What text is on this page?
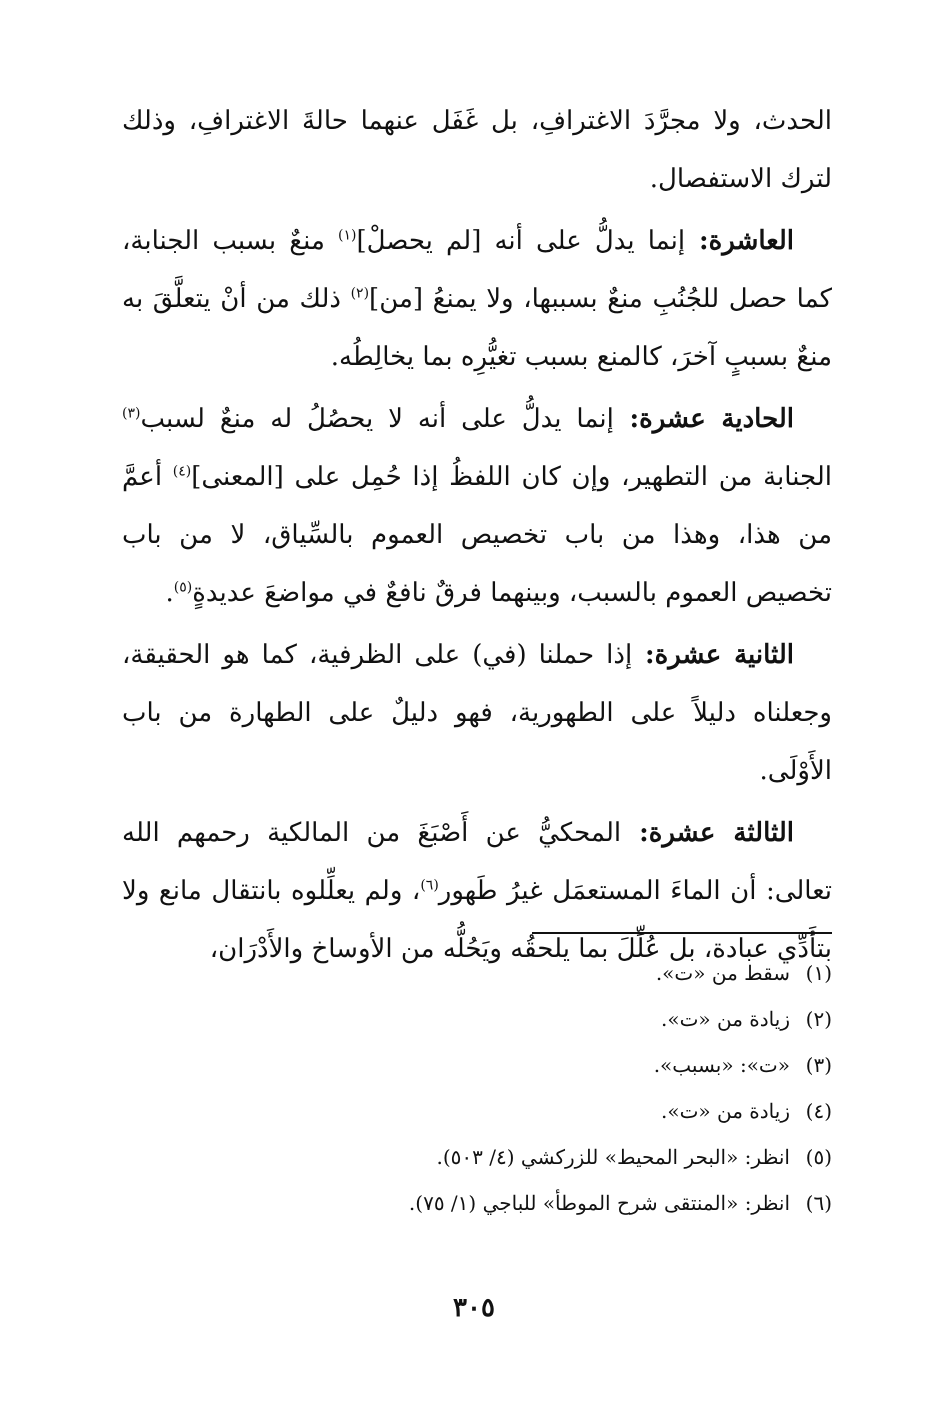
الحدث، ولا مجرَّدَ الاغترافِ، بل غَفَل عنهما حالةَ الاغترافِ، وذلك لترك الاستفصال.

العاشرة: إنما يدلُّ على أنه [لم يحصلْ]$^{(١)}$ منعٌ بسبب الجنابة، كما حصل للجُنُبِ منعٌ بسببها، ولا يمنعُ [من]$^{(٢)}$ ذلك من أنْ يتعلَّقَ به منعٌ بسببٍ آخرَ، كالمنع بسبب تغيُّرِه بما يخالِطُه.

الحادية عشرة: إنما يدلُّ على أنه لا يحصُلُ له منعٌ لسبب$^{(٣)}$ الجنابة من التطهير، وإن كان اللفظُ إذا حُمِل على [المعنى]$^{(٤)}$ أعمَّ من هذا، وهذا من باب تخصيص العموم بالسِّياق، لا من باب تخصيص العموم بالسبب، وبينهما فرقٌ نافعٌ في مواضعَ عديدةٍ$^{(٥)}$.

الثانية عشرة: إذا حملنا (في) على الظرفية، كما هو الحقيقة، وجعلناه دليلاً على الطهورية، فهو دليلٌ على الطهارة من باب الأَوْلَى.

الثالثة عشرة: المحكيُّ عن أَصْبَغَ من المالكية رحمهم الله تعالى: أن الماءَ المستعمَل غيرُ طَهور$^{(٦)}$، ولم يعلِّلوه بانتقال مانع ولا بتأَدِّي عبادة، بل عُلِّلَ بما يلحقُه ويَحُلُّه من الأوساخ والأَدْرَان،

(١)سقط من «ت».
(٢)زيادة من «ت».
(٣)«ت»: «بسبب».
(٤)زيادة من «ت».
(٥)انظر: «البحر المحيط» للزركشي (٤/ ٥٠٣).
(٦)انظر: «المنتقى شرح الموطأ» للباجي (١/ ٧٥).
٣٠٥
